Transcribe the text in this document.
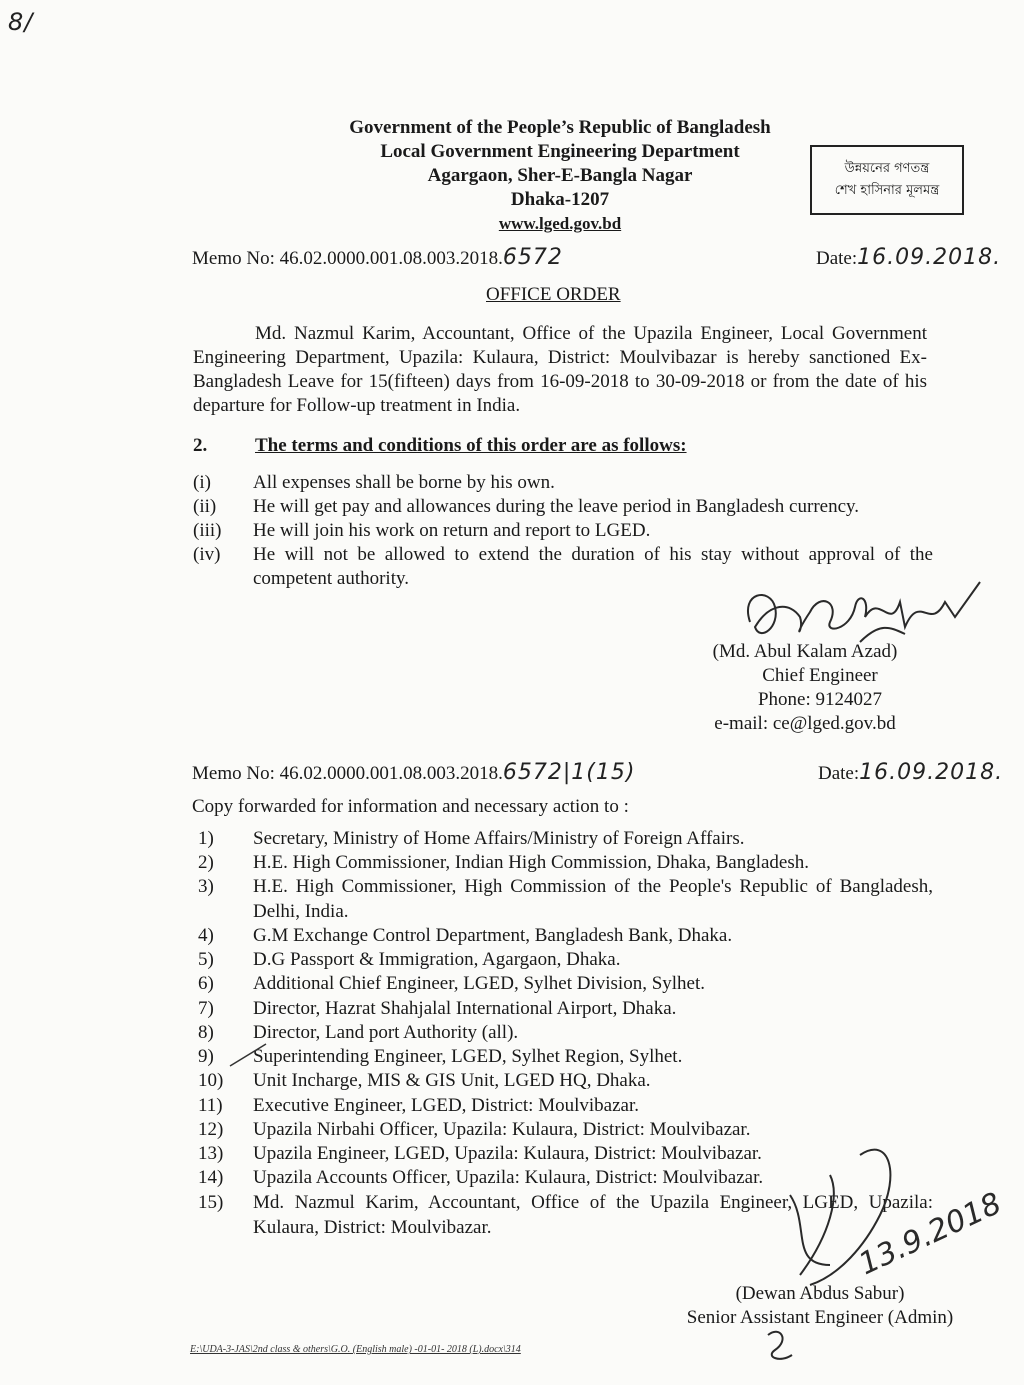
8/
Government of the People’s Republic of Bangladesh
Local Government Engineering Department
Agargaon, Sher-E-Bangla Nagar
Dhaka-1207
www.lged.gov.bd
উন্নয়নের গণতন্ত্র
শেখ হাসিনার মূলমন্ত্র
Memo No: 46.02.0000.001.08.003.2018.6572	Date:16.09.2018.
OFFICE ORDER
Md. Nazmul Karim, Accountant, Office of the Upazila Engineer, Local Government Engineering Department, Upazila: Kulaura, District: Moulvibazar is hereby sanctioned Ex-Bangladesh Leave for 15(fifteen) days from 16-09-2018 to 30-09-2018 or from the date of his departure for Follow-up treatment in India.
2.	The terms and conditions of this order are as follows:
(i)	All expenses shall be borne by his own.
(ii)	He will get pay and allowances during the leave period in Bangladesh currency.
(iii)	He will join his work on return and report to LGED.
(iv)	He will not be allowed to extend the duration of his stay without approval of the competent authority.
(Md. Abul Kalam Azad)
Chief Engineer
Phone: 9124027
e-mail: ce@lged.gov.bd
Memo No: 46.02.0000.001.08.003.2018.6572|1(15)	Date:16.09.2018.
Copy forwarded for information and necessary action to :
1)	Secretary, Ministry of Home Affairs/Ministry of Foreign Affairs.
2)	H.E. High Commissioner, Indian High Commission, Dhaka, Bangladesh.
3)	H.E. High Commissioner, High Commission of the People's Republic of Bangladesh, Delhi, India.
4)	G.M Exchange Control Department, Bangladesh Bank, Dhaka.
5)	D.G Passport & Immigration, Agargaon, Dhaka.
6)	Additional Chief Engineer, LGED, Sylhet Division, Sylhet.
7)	Director, Hazrat Shahjalal International Airport, Dhaka.
8)	Director, Land port Authority (all).
9)	Superintending Engineer, LGED, Sylhet Region, Sylhet.
10)	Unit Incharge, MIS & GIS Unit, LGED HQ, Dhaka.
11)	Executive Engineer, LGED, District: Moulvibazar.
12)	Upazila Nirbahi Officer, Upazila: Kulaura, District: Moulvibazar.
13)	Upazila Engineer, LGED, Upazila: Kulaura, District: Moulvibazar.
14)	Upazila Accounts Officer, Upazila: Kulaura, District: Moulvibazar.
15)	Md. Nazmul Karim, Accountant, Office of the Upazila Engineer, LGED, Upazila: Kulaura, District: Moulvibazar.	13.9.2018
(Dewan Abdus Sabur)
Senior Assistant Engineer (Admin)
E:\UDA-3-JAS\2nd class & others\G.O. (English male) -01-01- 2018 (L).docx\314
